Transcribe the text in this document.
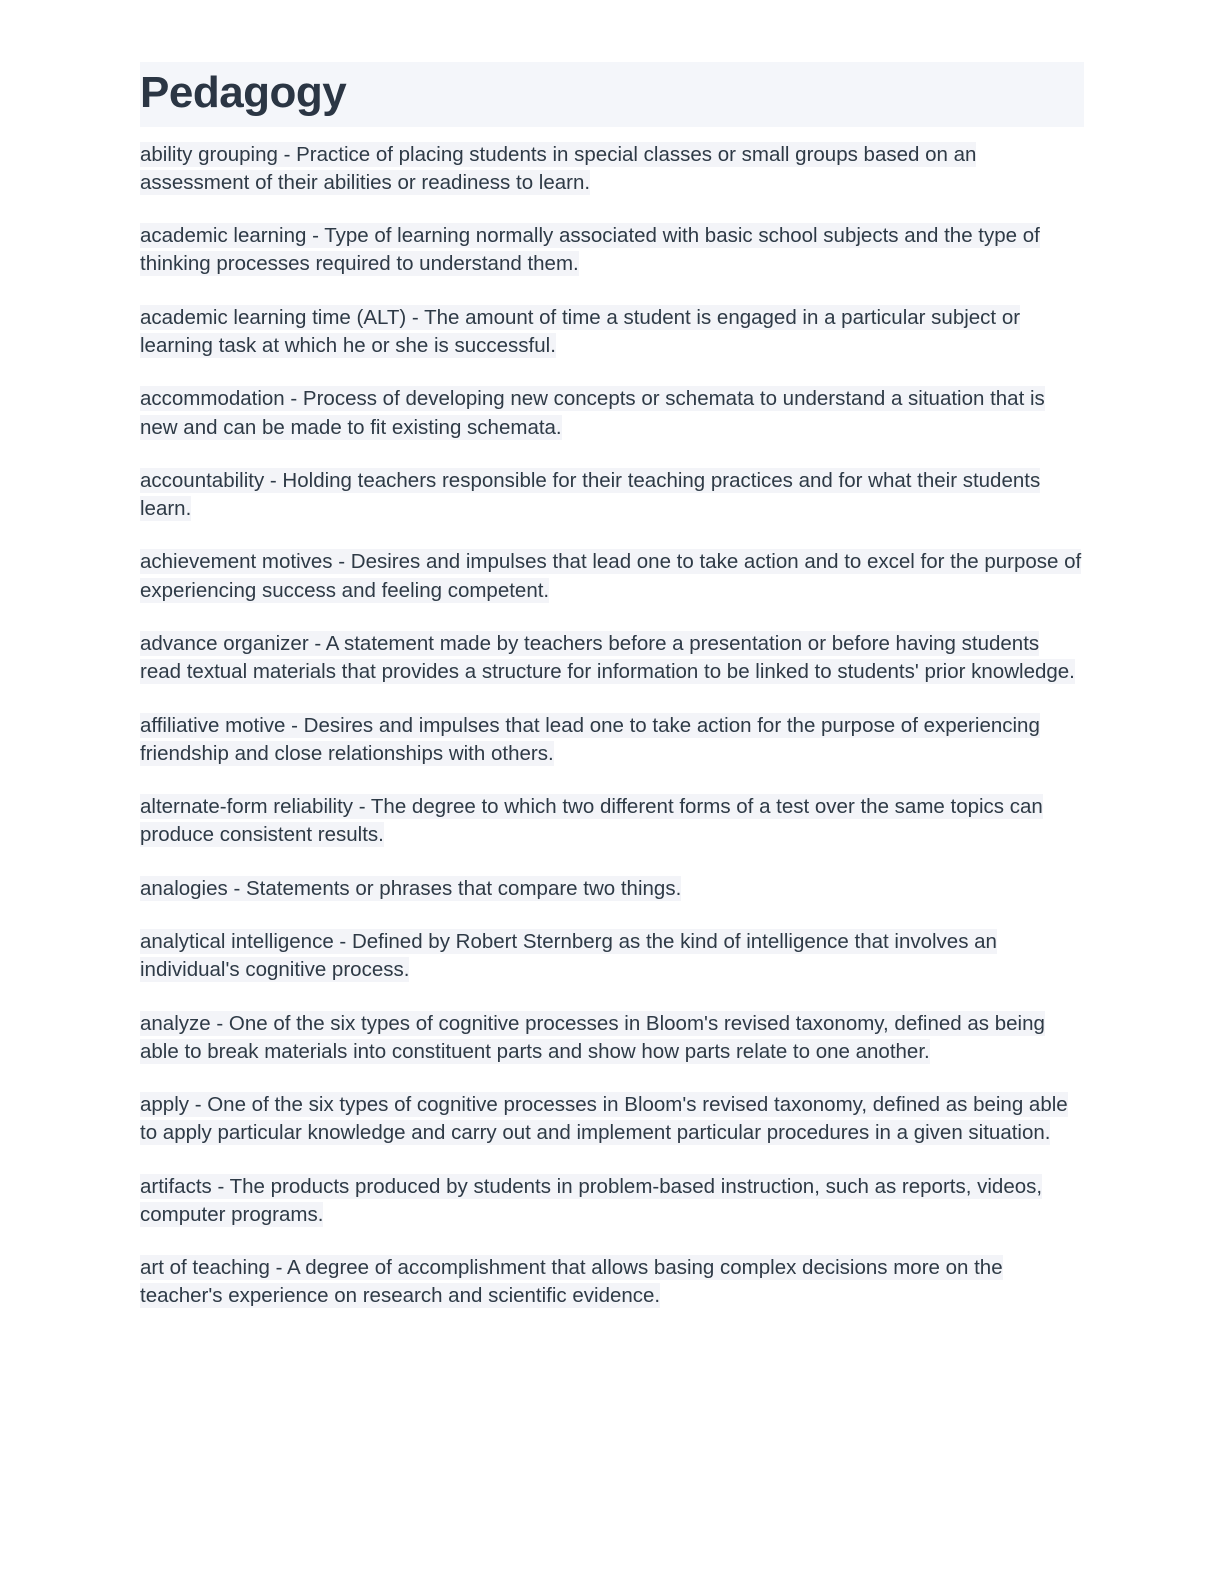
Pedagogy

ability grouping - Practice of placing students in special classes or small groups based on an assessment of their abilities or readiness to learn.

academic learning - Type of learning normally associated with basic school subjects and the type of thinking processes required to understand them.

academic learning time (ALT) - The amount of time a student is engaged in a particular subject or learning task at which he or she is successful.

accommodation - Process of developing new concepts or schemata to understand a situation that is new and can be made to fit existing schemata.

accountability - Holding teachers responsible for their teaching practices and for what their students learn.

achievement motives - Desires and impulses that lead one to take action and to excel for the purpose of experiencing success and feeling competent.

advance organizer - A statement made by teachers before a presentation or before having students read textual materials that provides a structure for information to be linked to students' prior knowledge.

affiliative motive - Desires and impulses that lead one to take action for the purpose of experiencing friendship and close relationships with others.

alternate-form reliability - The degree to which two different forms of a test over the same topics can produce consistent results.

analogies - Statements or phrases that compare two things.

analytical intelligence - Defined by Robert Sternberg as the kind of intelligence that involves an individual's cognitive process.

analyze - One of the six types of cognitive processes in Bloom's revised taxonomy, defined as being able to break materials into constituent parts and show how parts relate to one another.

apply - One of the six types of cognitive processes in Bloom's revised taxonomy, defined as being able to apply particular knowledge and carry out and implement particular procedures in a given situation.

artifacts - The products produced by students in problem-based instruction, such as reports, videos, computer programs.

art of teaching - A degree of accomplishment that allows basing complex decisions more on the teacher's experience on research and scientific evidence.
